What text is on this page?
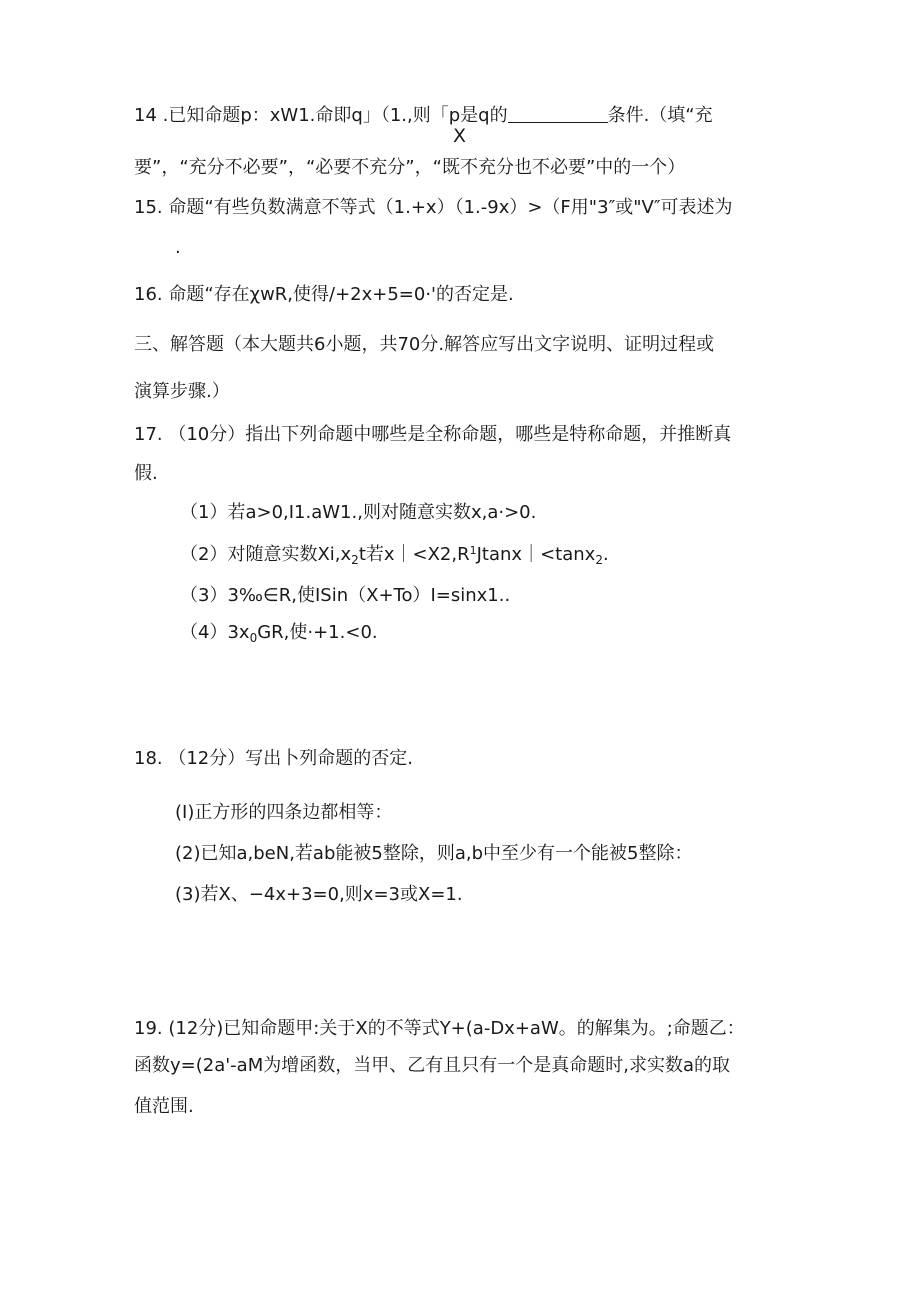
14 .已知命题p：xW1.命即q」（1.,则「p是q的	条件.（填“充
X
要”，“充分不必要”，“必要不充分”，“既不充分也不必要”中的一个）
15. 命题“有些负数满意不等式（1.+x）（1.-9x）>（F用"3″或"V″可表述为
.
16. 命题“存在χwR,使得/+2x+5=0·'的否定是.
三、解答题（本大题共6小题，共70分.解答应写出文字说明、证明过程或
演算步骤.）
17. （10分）指出下列命题中哪些是全称命题，哪些是特称命题，并推断真
假.
（1）若a>0,I1.aW1.,则对随意实数x,a·>0.
（2）对随意实数$Xi,x_2t$若$x|<X2,R^1Jtanx|<\tan x_2$.
（3）3‰∈R,使ISin（X+To）I=sinx1..
$(4)3x_0GR$,使·+1.<0.
18. （12分）写出卜列命题的否定.
(I)正方形的四条边都相等：
(2)已知a,beN,若ab能被5整除，则a,b中至少有一个能被5整除：
(3)若X、−4x+3=0,则x=3或X=1.
19. (12分)已知命题甲:关于X的不等式Y+(a-Dx+aW。的解集为。;命题乙：
函数y=(2a'-aM为增函数，当甲、乙有且只有一个是真命题时,求实数a的取
值范围.
